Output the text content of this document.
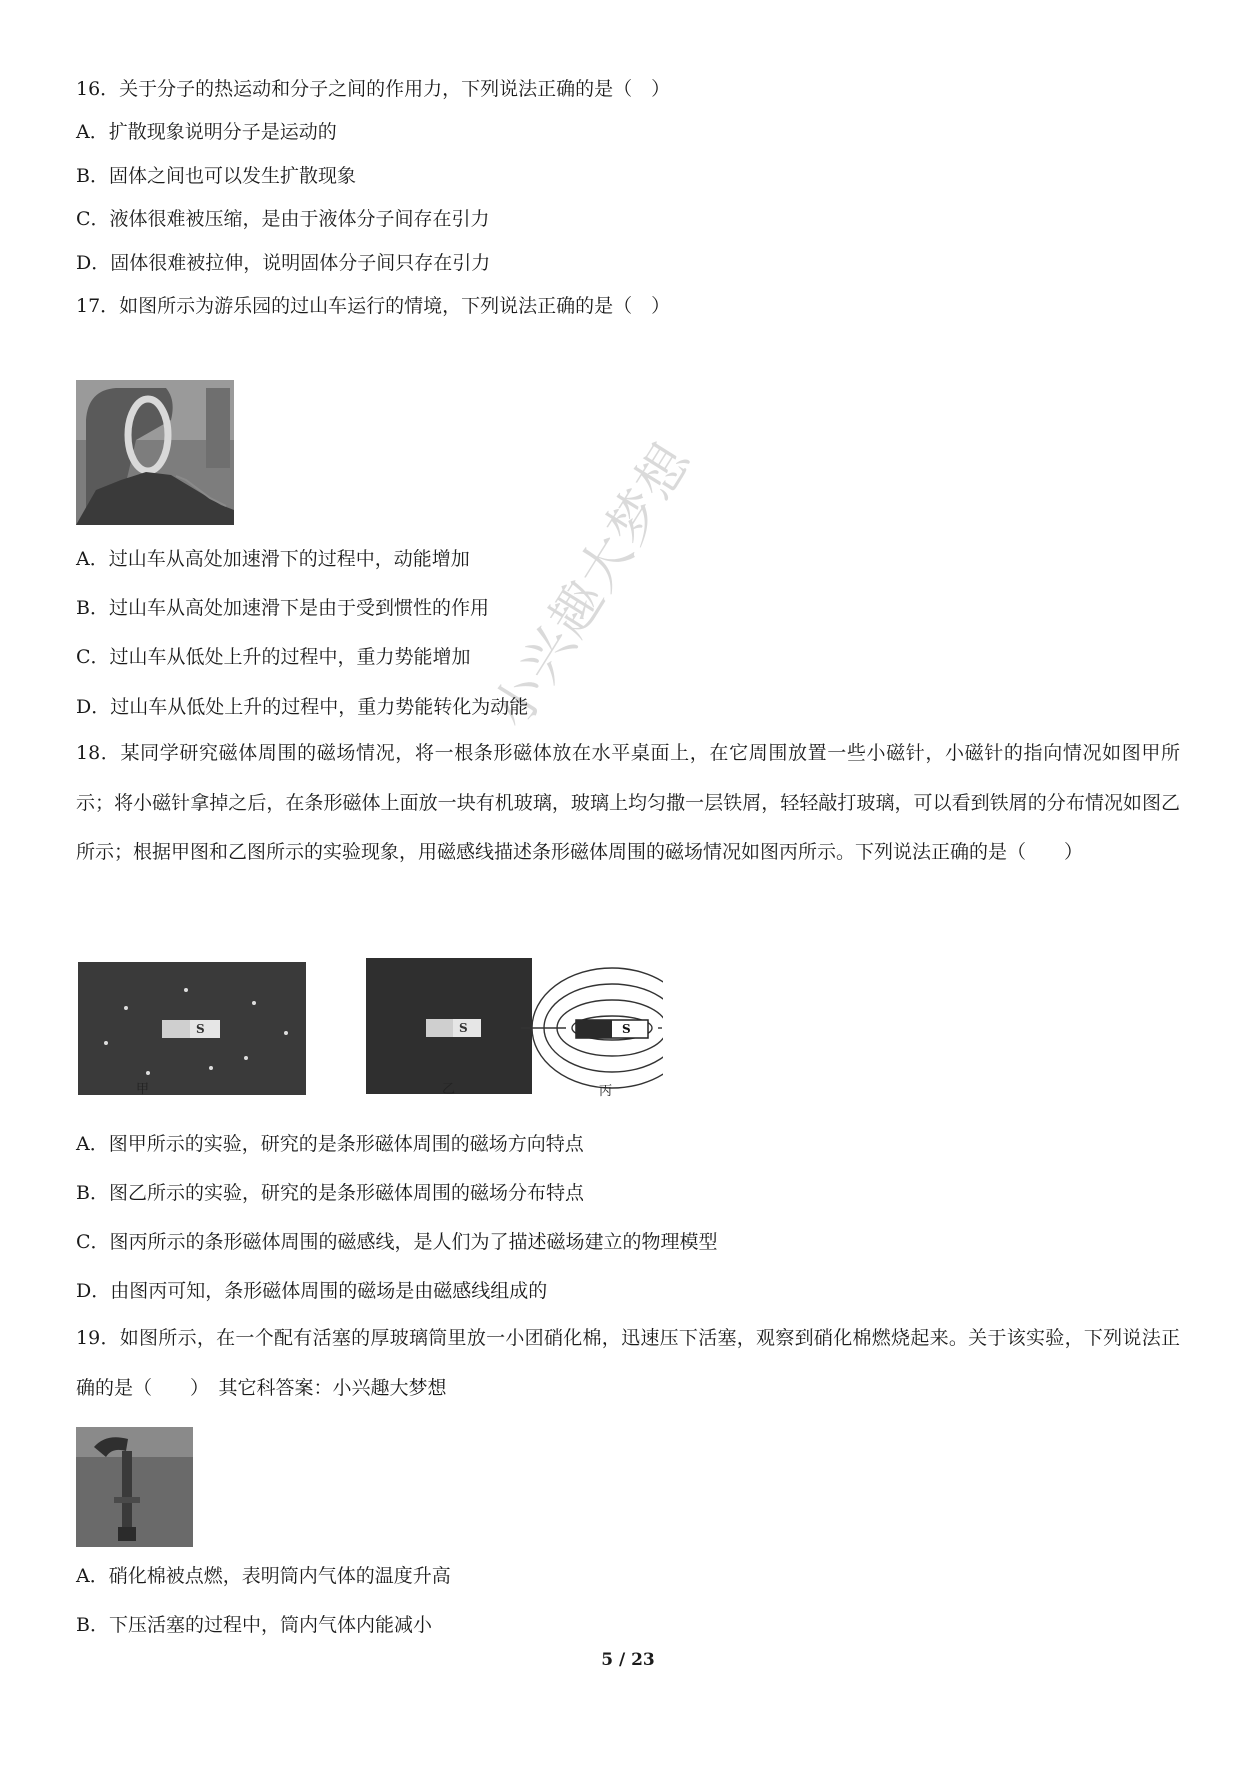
小兴趣大梦想
16．关于分子的热运动和分子之间的作用力，下列说法正确的是（　）
A．扩散现象说明分子是运动的
B．固体之间也可以发生扩散现象
C．液体很难被压缩，是由于液体分子间存在引力
D．固体很难被拉伸，说明固体分子间只存在引力
17．如图所示为游乐园的过山车运行的情境，下列说法正确的是（　）
A．过山车从高处加速滑下的过程中，动能增加
B．过山车从高处加速滑下是由于受到惯性的作用
C．过山车从低处上升的过程中，重力势能增加
D．过山车从低处上升的过程中，重力势能转化为动能
18．某同学研究磁体周围的磁场情况，将一根条形磁体放在水平桌面上，在它周围放置一些小磁针，小磁针的指向情况如图甲所示；将小磁针拿掉之后，在条形磁体上面放一块有机玻璃，玻璃上均匀撒一层铁屑，轻轻敲打玻璃，可以看到铁屑的分布情况如图乙所示；根据甲图和乙图所示的实验现象，用磁感线描述条形磁体周围的磁场情况如图丙所示。下列说法正确的是（　　）
S	S	S
甲	乙	丙
A．图甲所示的实验，研究的是条形磁体周围的磁场方向特点
B．图乙所示的实验，研究的是条形磁体周围的磁场分布特点
C．图丙所示的条形磁体周围的磁感线，是人们为了描述磁场建立的物理模型
D．由图丙可知，条形磁体周围的磁场是由磁感线组成的
19．如图所示，在一个配有活塞的厚玻璃筒里放一小团硝化棉，迅速压下活塞，观察到硝化棉燃烧起来。关于该实验，下列说法正确的是（　　）　其它科答案：小兴趣大梦想
A．硝化棉被点燃，表明筒内气体的温度升高
B．下压活塞的过程中，筒内气体内能减小
5 / 23
